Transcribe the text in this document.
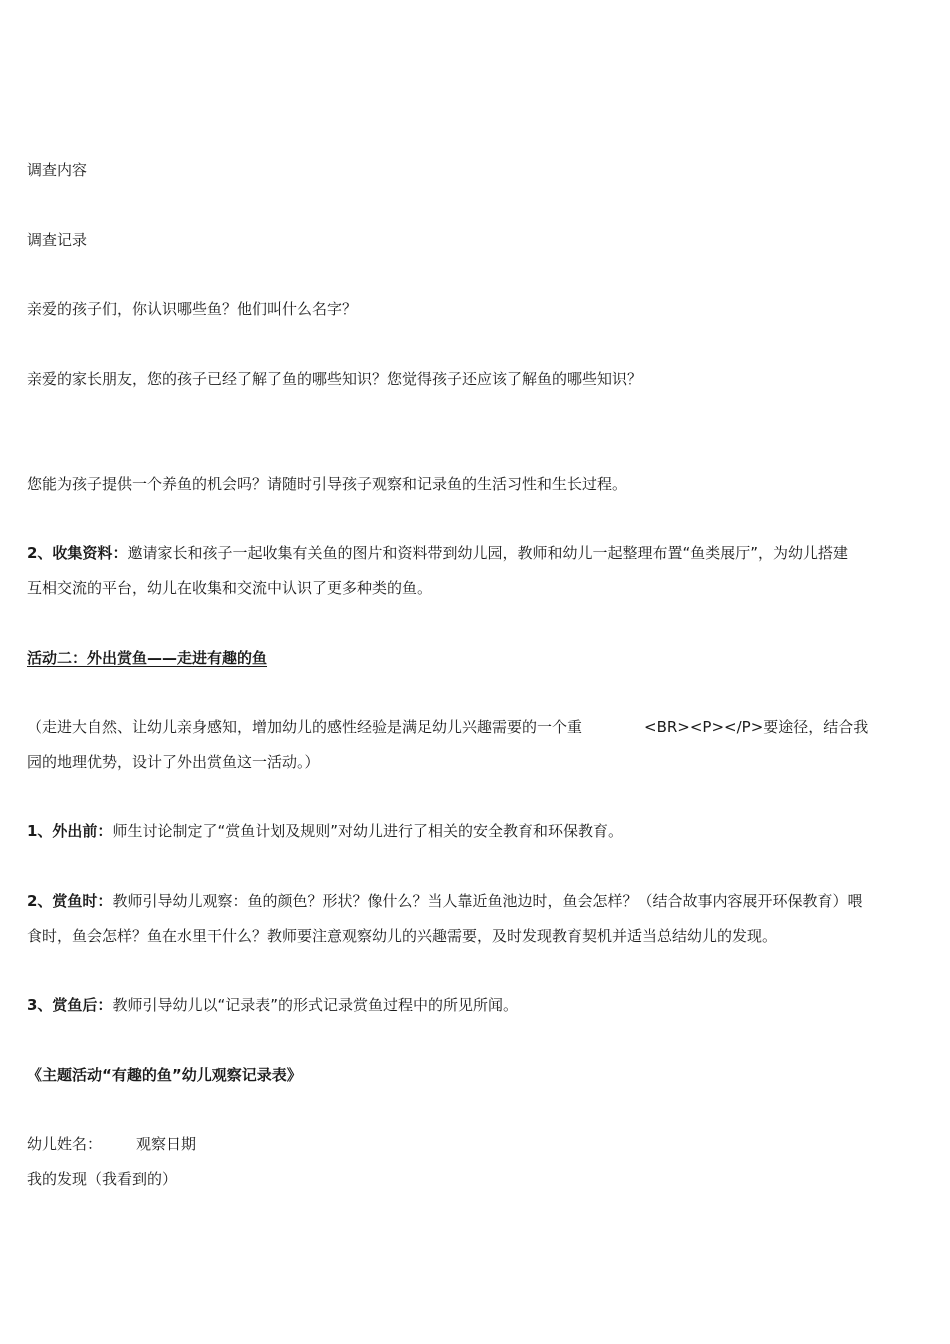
调查内容
调查记录
亲爱的孩子们，你认识哪些鱼？他们叫什么名字？
亲爱的家长朋友，您的孩子已经了解了鱼的哪些知识？您觉得孩子还应该了解鱼的哪些知识？
您能为孩子提供一个养鱼的机会吗？请随时引导孩子观察和记录鱼的生活习性和生长过程。
2、收集资料：邀请家长和孩子一起收集有关鱼的图片和资料带到幼儿园，教师和幼儿一起整理布置“鱼类展厅”，为幼儿搭建
互相交流的平台，幼儿在收集和交流中认识了更多种类的鱼。
活动二：外出赏鱼——走进有趣的鱼
（走进大自然、让幼儿亲身感知，增加幼儿的感性经验是满足幼儿兴趣需要的一个重	<BR><P></P>要途径，结合我
园的地理优势，设计了外出赏鱼这一活动。）
1、外出前：师生讨论制定了“赏鱼计划及规则”对幼儿进行了相关的安全教育和环保教育。
2、赏鱼时：教师引导幼儿观察：鱼的颜色？形状？像什么？当人靠近鱼池边时，鱼会怎样？（结合故事内容展开环保教育）喂
食时，鱼会怎样？鱼在水里干什么？教师要注意观察幼儿的兴趣需要，及时发现教育契机并适当总结幼儿的发现。
3、赏鱼后：教师引导幼儿以“记录表”的形式记录赏鱼过程中的所见所闻。
《主题活动“有趣的鱼”幼儿观察记录表》
幼儿姓名： 观察日期
我的发现（我看到的）
